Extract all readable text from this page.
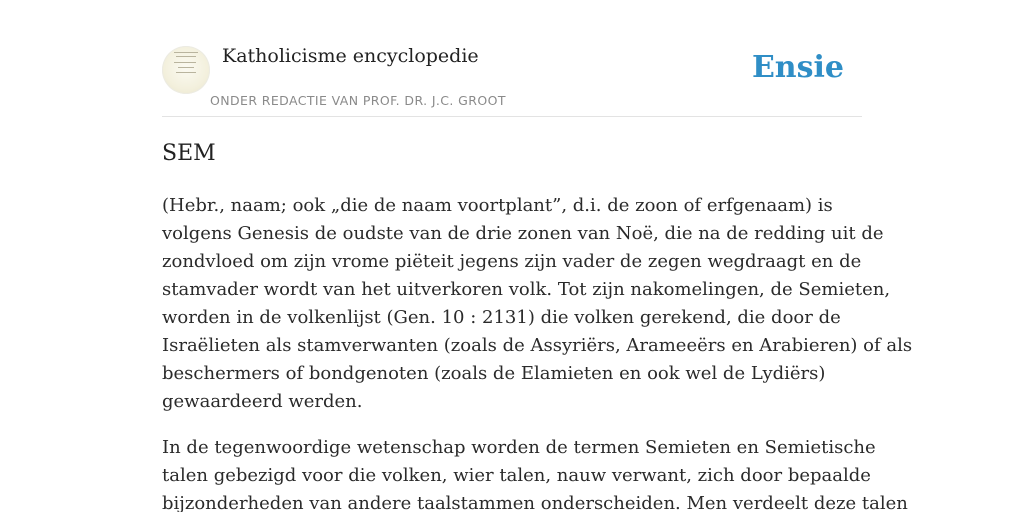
Katholicisme encyclopedie
ONDER REDACTIE VAN PROF. DR. J.C. GROOT
Ensie
SEM

(Hebr., naam; ook „die de naam voortplant”, d.i. de zoon of erfgenaam) is
volgens Genesis de oudste van de drie zonen van Noë, die na de redding uit de
zondvloed om zijn vrome piëteit jegens zijn vader de zegen wegdraagt en de
stamvader wordt van het uitverkoren volk. Tot zijn nakomelingen, de Semieten,
worden in de volkenlijst (Gen. 10 : 2131) die volken gerekend, die door de
Israëlieten als stamverwanten (zoals de Assyriërs, Arameeërs en Arabieren) of als
beschermers of bondgenoten (zoals de Elamieten en ook wel de Lydiërs)
gewaardeerd werden.

In de tegenwoordige wetenschap worden de termen Semieten en Semietische
talen gebezigd voor die volken, wier talen, nauw verwant, zich door bepaalde
bijzonderheden van andere taalstammen onderscheiden. Men verdeelt deze talen
